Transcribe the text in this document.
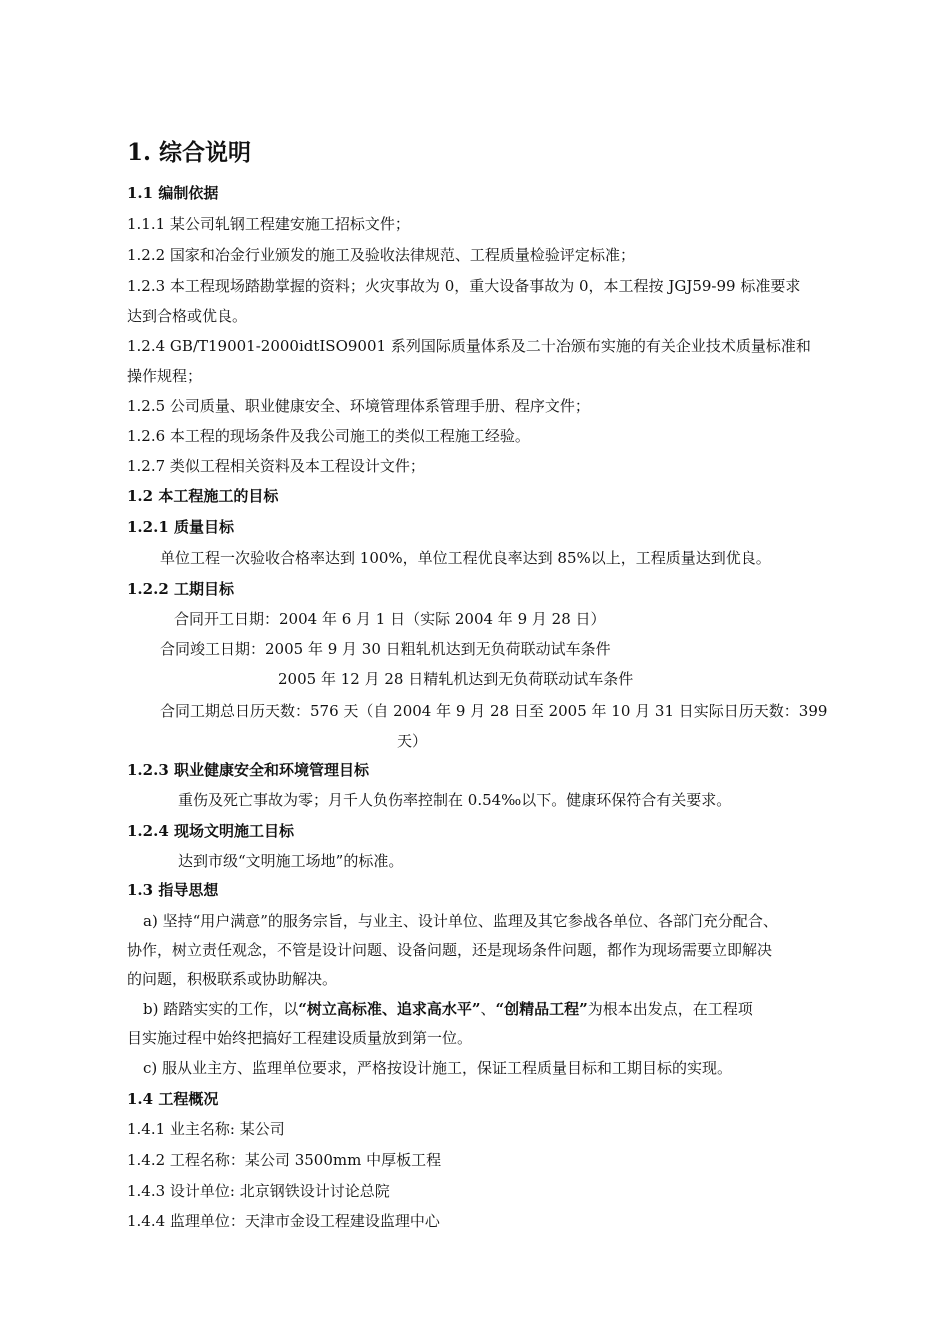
1. 综合说明
1.1 编制依据
1.1.1 某公司轧钢工程建安施工招标文件；
1.2.2 国家和冶金行业颁发的施工及验收法律规范、工程质量检验评定标准；
1.2.3 本工程现场踏勘掌握的资料；火灾事故为 0，重大设备事故为 0，本工程按 JGJ59-99 标准要求
达到合格或优良。
1.2.4 GB/T19001-2000idtISO9001 系列国际质量体系及二十冶颁布实施的有关企业技术质量标准和
操作规程；
1.2.5 公司质量、职业健康安全、环境管理体系管理手册、程序文件；
1.2.6 本工程的现场条件及我公司施工的类似工程施工经验。
1.2.7 类似工程相关资料及本工程设计文件；
1.2 本工程施工的目标
1.2.1 质量目标
单位工程一次验收合格率达到 100%，单位工程优良率达到 85%以上，工程质量达到优良。
1.2.2 工期目标
合同开工日期：2004 年 6 月 1 日（实际 2004 年 9 月 28 日）
合同竣工日期：2005 年 9 月 30 日粗轧机达到无负荷联动试车条件
2005 年 12 月 28 日精轧机达到无负荷联动试车条件
合同工期总日历天数：576 天（自 2004 年 9 月 28 日至 2005 年 10 月 31 日实际日历天数：399
天）
1.2.3 职业健康安全和环境管理目标
重伤及死亡事故为零；月千人负伤率控制在 0.54‰以下。健康环保符合有关要求。
1.2.4 现场文明施工目标
达到市级“文明施工场地”的标准。
1.3 指导思想
a) 坚持“用户满意”的服务宗旨，与业主、设计单位、监理及其它参战各单位、各部门充分配合、
协作，树立责任观念，不管是设计问题、设备问题，还是现场条件问题，都作为现场需要立即解决
的问题，积极联系或协助解决。
b) 踏踏实实的工作，以“树立高标准、追求高水平”、“创精品工程”为根本出发点，在工程项
目实施过程中始终把搞好工程建设质量放到第一位。
c) 服从业主方、监理单位要求，严格按设计施工，保证工程质量目标和工期目标的实现。
1.4 工程概况
1.4.1 业主名称: 某公司
1.4.2 工程名称：某公司 3500mm 中厚板工程
1.4.3 设计单位: 北京钢铁设计讨论总院
1.4.4 监理单位：天津市金设工程建设监理中心
